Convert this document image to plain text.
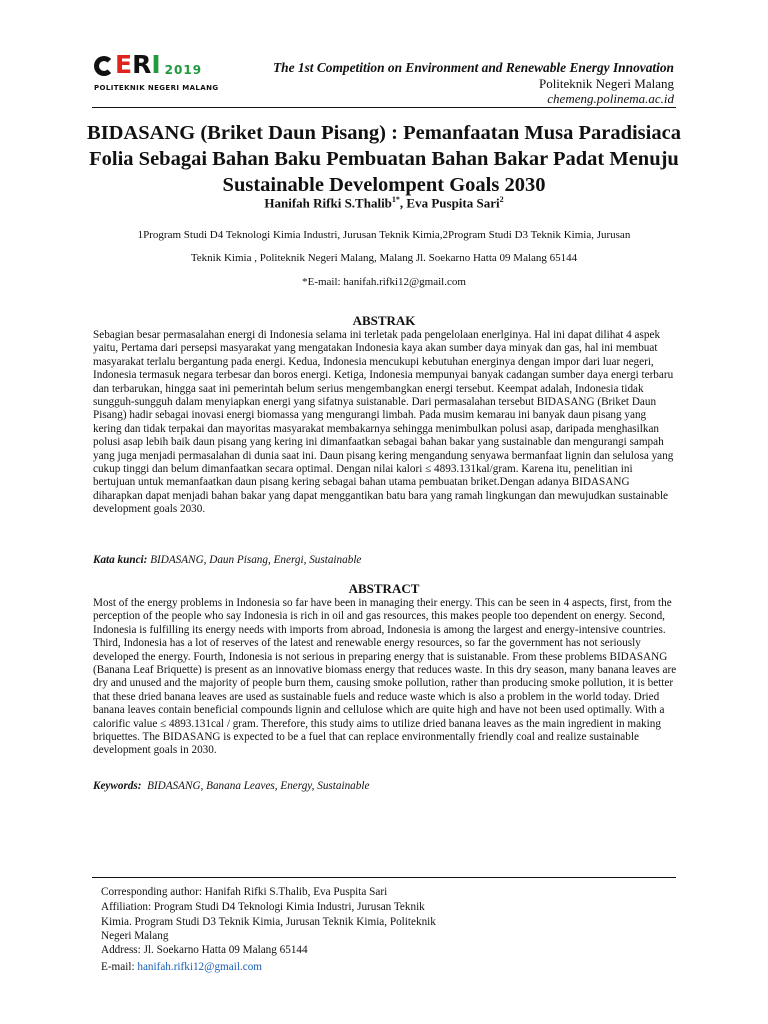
E R I 2019
POLITEKNIK NEGERI MALANG
The 1st Competition on Environment and Renewable Energy Innovation
Politeknik Negeri Malang
chemeng.polinema.ac.id
BIDASANG (Briket Daun Pisang) : Pemanfaatan Musa Paradisiaca Folia Sebagai Bahan Baku Pembuatan Bahan Bakar Padat Menuju Sustainable Develompent Goals 2030
Hanifah Rifki S.Thalib$^{1*}$, Eva Puspita Sari$^2$
1Program Studi D4 Teknologi Kimia Industri, Jurusan Teknik Kimia,2Program Studi D3 Teknik Kimia, Jurusan
Teknik Kimia , Politeknik Negeri Malang, Malang Jl. Soekarno Hatta 09 Malang 65144
*E-mail: hanifah.rifki12@gmail.com
ABSTRAK

Sebagian besar permasalahan energi di Indonesia selama ini terletak pada pengelolaan enerlginya. Hal ini dapat dilihat 4 aspek yaitu, Pertama dari persepsi masyarakat yang mengatakan Indonesia kaya akan sumber daya minyak dan gas, hal ini membuat masyarakat terlalu bergantung pada energi. Kedua, Indonesia mencukupi kebutuhan energinya dengan impor dari luar negeri, Indonesia termasuk negara terbesar dan boros energi. Ketiga, Indonesia mempunyai banyak cadangan sumber daya energi terbaru dan terbarukan, hingga saat ini pemerintah belum serius mengembangkan energi tersebut. Keempat adalah, Indonesia tidak sungguh-sungguh dalam menyiapkan energi yang sifatnya suistanable. Dari permasalahan tersebut BIDASANG (Briket Daun Pisang) hadir sebagai inovasi energi biomassa yang mengurangi limbah. Pada musim kemarau ini banyak daun pisang yang kering dan tidak terpakai dan mayoritas masyarakat membakarnya sehingga menimbulkan polusi asap, daripada menghasilkan polusi asap lebih baik daun pisang yang kering ini dimanfaatkan sebagai bahan bakar yang sustainable dan mengurangi sampah yang juga menjadi permasalahan di dunia saat ini. Daun pisang kering mengandung senyawa bermanfaat lignin dan selulosa yang cukup tinggi dan belum dimanfaatkan secara optimal. Dengan nilai kalori ≤ 4893.131kal/gram. Karena itu, penelitian ini bertujuan untuk memanfaatkan daun pisang kering sebagai bahan utama pembuatan briket.Dengan adanya BIDASANG diharapkan dapat menjadi bahan bakar yang dapat menggantikan batu bara yang ramah lingkungan dan mewujudkan sustainable development goals 2030.

Kata kunci: BIDASANG, Daun Pisang, Energi, Sustainable
ABSTRACT

Most of the energy problems in Indonesia so far have been in managing their energy. This can be seen in 4 aspects, first, from the perception of the people who say Indonesia is rich in oil and gas resources, this makes people too dependent on energy. Second, Indonesia is fulfilling its energy needs with imports from abroad, Indonesia is among the largest and energy-intensive countries. Third, Indonesia has a lot of reserves of the latest and renewable energy resources, so far the government has not seriously developed the energy. Fourth, Indonesia is not serious in preparing energy that is suistanable. From these problems BIDASANG (Banana Leaf Briquette) is present as an innovative biomass energy that reduces waste. In this dry season, many banana leaves are dry and unused and the majority of people burn them, causing smoke pollution, rather than producing smoke pollution, it is better that these dried banana leaves are used as sustainable fuels and reduce waste which is also a problem in the world today. Dried banana leaves contain beneficial compounds lignin and cellulose which are quite high and have not been used optimally. With a calorific value ≤ 4893.131cal / gram. Therefore, this study aims to utilize dried banana leaves as the main ingredient in making briquettes. The BIDASANG is expected to be a fuel that can replace environmentally friendly coal and realize sustainable development goals in 2030.

Keywords:  BIDASANG, Banana Leaves, Energy, Sustainable
Corresponding author: Hanifah Rifki S.Thalib, Eva Puspita Sari
Affiliation: Program Studi D4 Teknologi Kimia Industri, Jurusan Teknik Kimia. Program Studi D3 Teknik Kimia, Jurusan Teknik Kimia, Politeknik Negeri Malang
Address: Jl. Soekarno Hatta 09 Malang 65144
E-mail: hanifah.rifki12@gmail.com
